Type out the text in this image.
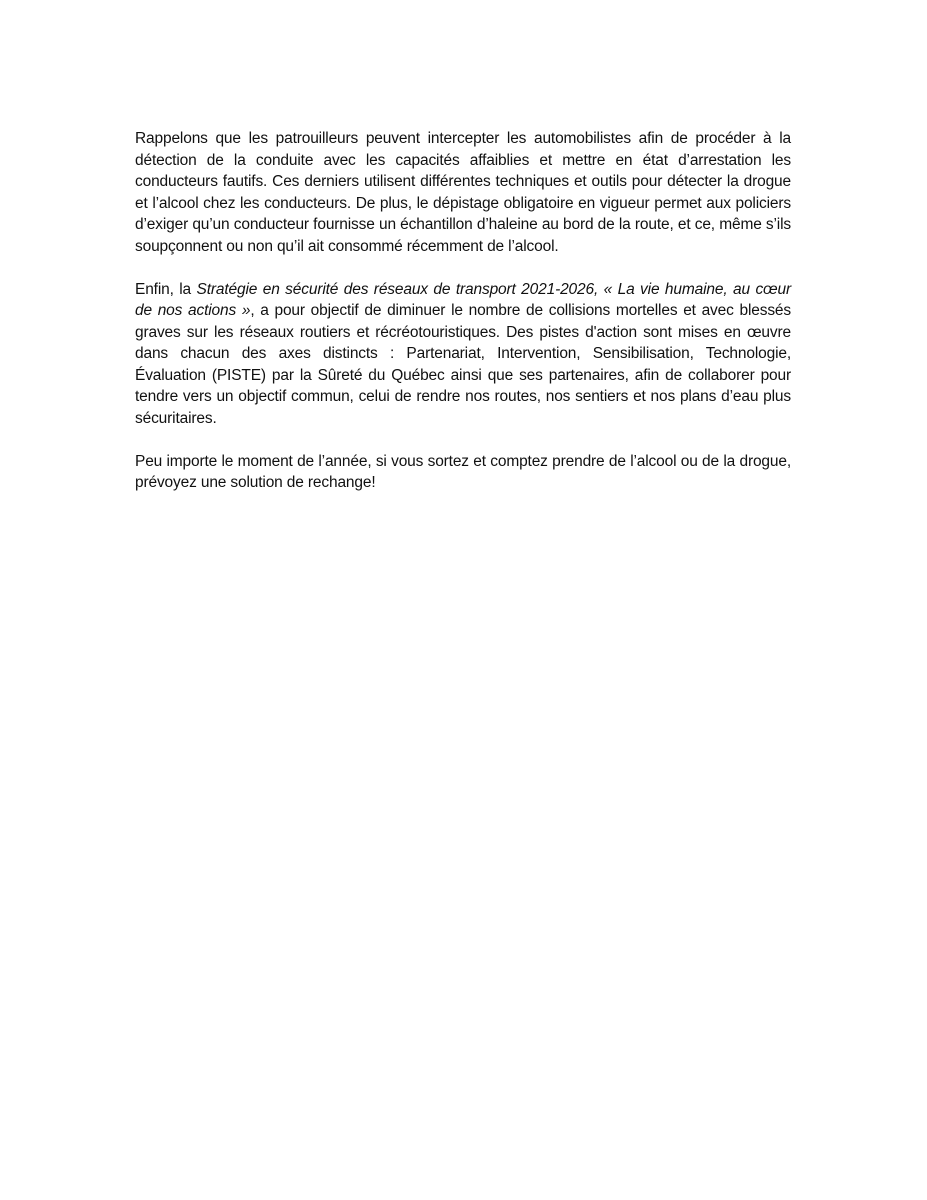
Rappelons que les patrouilleurs peuvent intercepter les automobilistes afin de procéder à la détection de la conduite avec les capacités affaiblies et mettre en état d’arrestation les conducteurs fautifs. Ces derniers utilisent différentes techniques et outils pour détecter la drogue et l’alcool chez les conducteurs. De plus, le dépistage obligatoire en vigueur permet aux policiers d’exiger qu’un conducteur fournisse un échantillon d’haleine au bord de la route, et ce, même s’ils soupçonnent ou non qu’il ait consommé récemment de l’alcool.

Enfin, la Stratégie en sécurité des réseaux de transport 2021-2026, « La vie humaine, au cœur de nos actions », a pour objectif de diminuer le nombre de collisions mortelles et avec blessés graves sur les réseaux routiers et récréotouristiques. Des pistes d'action sont mises en œuvre dans chacun des axes distincts : Partenariat, Intervention, Sensibilisation, Technologie, Évaluation (PISTE) par la Sûreté du Québec ainsi que ses partenaires, afin de collaborer pour tendre vers un objectif commun, celui de rendre nos routes, nos sentiers et nos plans d’eau plus sécuritaires.

Peu importe le moment de l’année, si vous sortez et comptez prendre de l’alcool ou de la drogue, prévoyez une solution de rechange!
